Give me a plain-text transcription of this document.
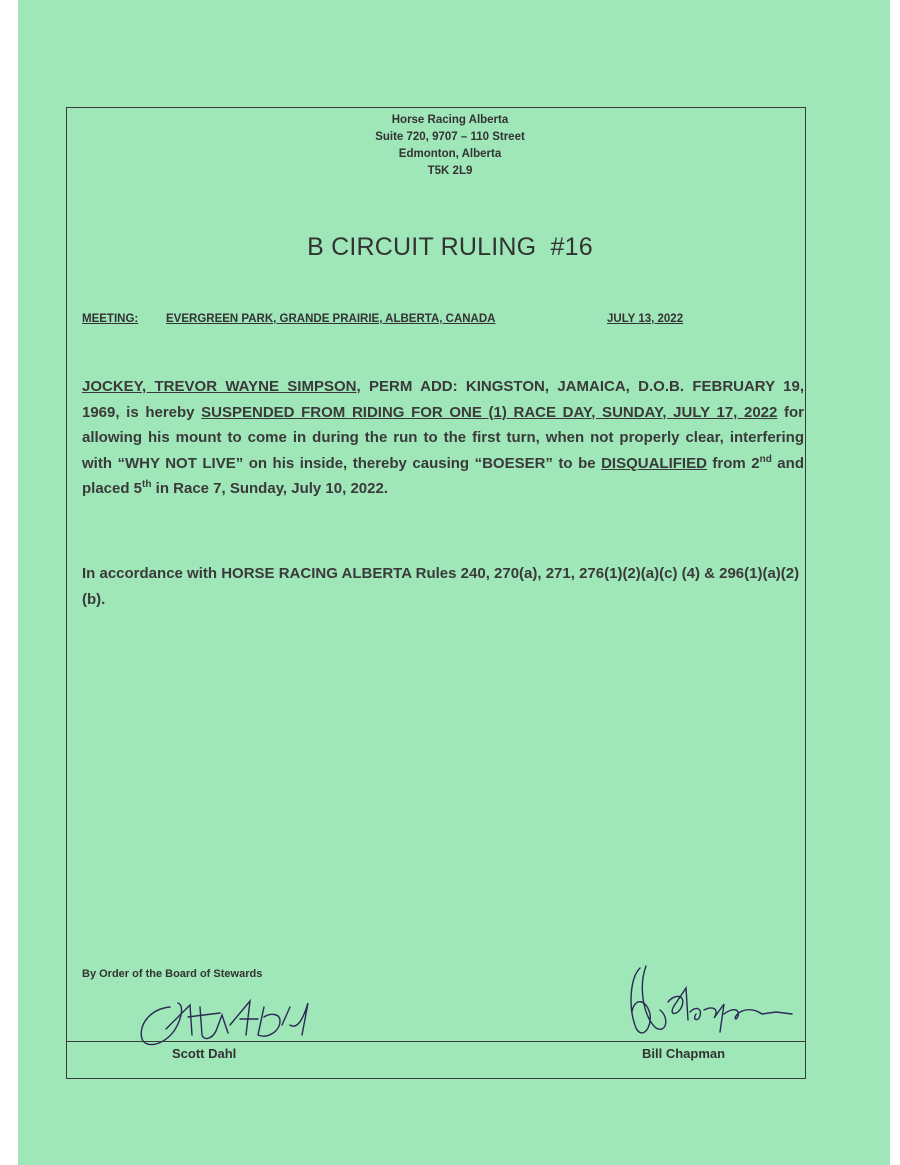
Horse Racing Alberta
Suite 720, 9707 – 110 Street
Edmonton, Alberta
T5K 2L9
B CIRCUIT RULING  #16
MEETING: EVERGREEN PARK, GRANDE PRAIRIE, ALBERTA, CANADA	JULY 13, 2022
JOCKEY, TREVOR WAYNE SIMPSON, PERM ADD: KINGSTON, JAMAICA, D.O.B. FEBRUARY 19, 1969, is hereby SUSPENDED FROM RIDING FOR ONE (1) RACE DAY, SUNDAY, JULY 17, 2022 for allowing his mount to come in during the run to the first turn, when not properly clear, interfering with “WHY NOT LIVE” on his inside, thereby causing “BOESER” to be DISQUALIFIED from 2nd and placed 5th in Race 7, Sunday, July 10, 2022.
In accordance with HORSE RACING ALBERTA Rules 240, 270(a), 271, 276(1)(2)(a)(c) (4) & 296(1)(a)(2)(b).
By Order of the Board of Stewards
Scott Dahl	Bill Chapman
